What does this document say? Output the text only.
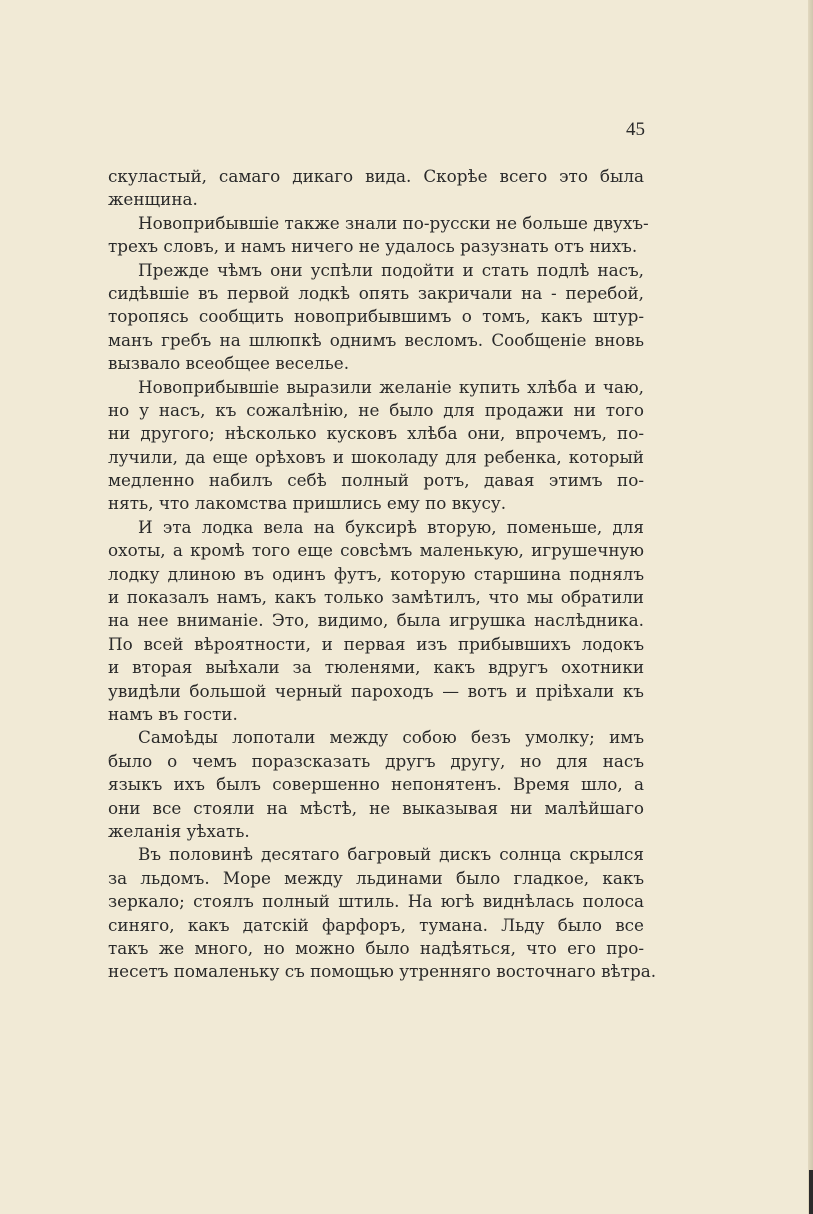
45
скуластый, самаго дикаго вида. Скорѣе всего это была
женщина.
Новоприбывшіе также знали по-русски не больше двухъ-
трехъ словъ, и намъ ничего не удалось разузнать отъ нихъ.
Прежде чѣмъ они успѣли подойти и стать подлѣ насъ,
сидѣвшіе въ первой лодкѣ опять закричали на - перебой,
торопясь сообщить новоприбывшимъ о томъ, какъ штур-
манъ гребъ на шлюпкѣ однимъ весломъ. Сообщеніе вновь
вызвало всеобщее веселье.
Новоприбывшіе выразили желаніе купить хлѣба и чаю,
но у насъ, къ сожалѣнію, не было для продажи ни того
ни другого; нѣсколько кусковъ хлѣба они, впрочемъ, по-
лучили, да еще орѣховъ и шоколаду для ребенка, который
медленно набилъ себѣ полный ротъ, давая этимъ по-
нять, что лакомства пришлись ему по вкусу.
И эта лодка вела на буксирѣ вторую, поменьше, для
охоты, а кромѣ того еще совсѣмъ маленькую, игрушечную
лодку длиною въ одинъ футъ, которую старшина поднялъ
и показалъ намъ, какъ только замѣтилъ, что мы обратили
на нее вниманіе. Это, видимо, была игрушка наслѣдника.
По всей вѣроятности, и первая изъ прибывшихъ лодокъ
и вторая выѣхали за тюленями, какъ вдругъ охотники
увидѣли большой черный пароходъ — вотъ и пріѣхали къ
намъ въ гости.
Самоѣды лопотали между собою безъ умолку; имъ
было о чемъ поразсказать другъ другу, но для насъ
языкъ ихъ былъ совершенно непонятенъ. Время шло, а
они все стояли на мѣстѣ, не выказывая ни малѣйшаго
желанія уѣхать.
Въ половинѣ десятаго багровый дискъ солнца скрылся
за льдомъ. Море между льдинами было гладкое, какъ
зеркало; стоялъ полный штиль. На югѣ виднѣлась полоса
синяго, какъ датскій фарфоръ, тумана. Льду было все
такъ же много, но можно было надѣяться, что его про-
несетъ помаленьку съ помощью утренняго восточнаго вѣтра.
